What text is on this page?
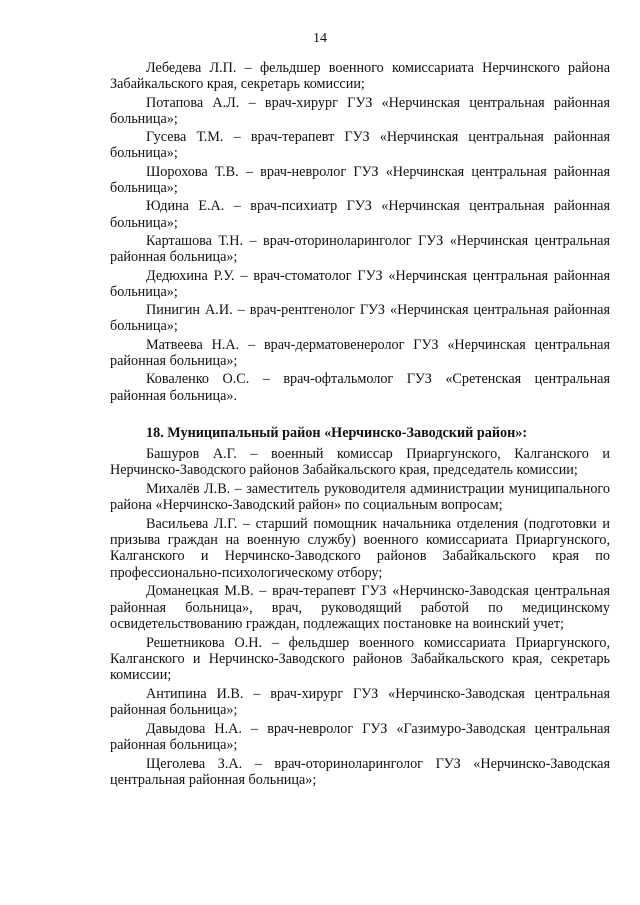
14

Лебедева Л.П. – фельдшер военного комиссариата Нерчинского района Забайкальского края, секретарь комиссии;

Потапова А.Л. – врач-хирург ГУЗ «Нерчинская центральная районная больница»;

Гусева Т.М. – врач-терапевт ГУЗ «Нерчинская центральная районная больница»;

Шорохова Т.В. – врач-невролог ГУЗ «Нерчинская центральная районная больница»;

Юдина Е.А. – врач-психиатр ГУЗ «Нерчинская центральная районная больница»;

Карташова Т.Н. – врач-оториноларинголог ГУЗ «Нерчинская центральная районная больница»;

Дедюхина Р.У. – врач-стоматолог ГУЗ «Нерчинская центральная районная больница»;

Пинигин А.И. – врач-рентгенолог ГУЗ «Нерчинская центральная районная больница»;

Матвеева Н.А. – врач-дерматовенеролог ГУЗ «Нерчинская центральная районная больница»;

Коваленко О.С. – врач-офтальмолог ГУЗ «Сретенская центральная районная больница».

18. Муниципальный район «Нерчинско-Заводский район»:

Башуров А.Г. – военный комиссар Приаргунского, Калганского и Нерчинско-Заводского районов Забайкальского края, председатель комиссии;

Михалёв Л.В. – заместитель руководителя администрации муниципального района «Нерчинско-Заводский район» по социальным вопросам;

Васильева Л.Г. – старший помощник начальника отделения (подготовки и призыва граждан на военную службу) военного комиссариата Приаргунского, Калганского и Нерчинско-Заводского районов Забайкальского края по профессионально-психологическому отбору;

Доманецкая М.В. – врач-терапевт ГУЗ «Нерчинско-Заводская центральная районная больница», врач, руководящий работой по медицинскому освидетельствованию граждан, подлежащих постановке на воинский учет;

Решетникова О.Н. – фельдшер военного комиссариата Приаргунского, Калганского и Нерчинско-Заводского районов Забайкальского края, секретарь комиссии;

Антипина И.В. – врач-хирург ГУЗ «Нерчинско-Заводская центральная районная больница»;

Давыдова Н.А. – врач-невролог ГУЗ «Газимуро-Заводская центральная районная больница»;

Щеголева З.А. – врач-оториноларинголог ГУЗ «Нерчинско-Заводская центральная районная больница»;
